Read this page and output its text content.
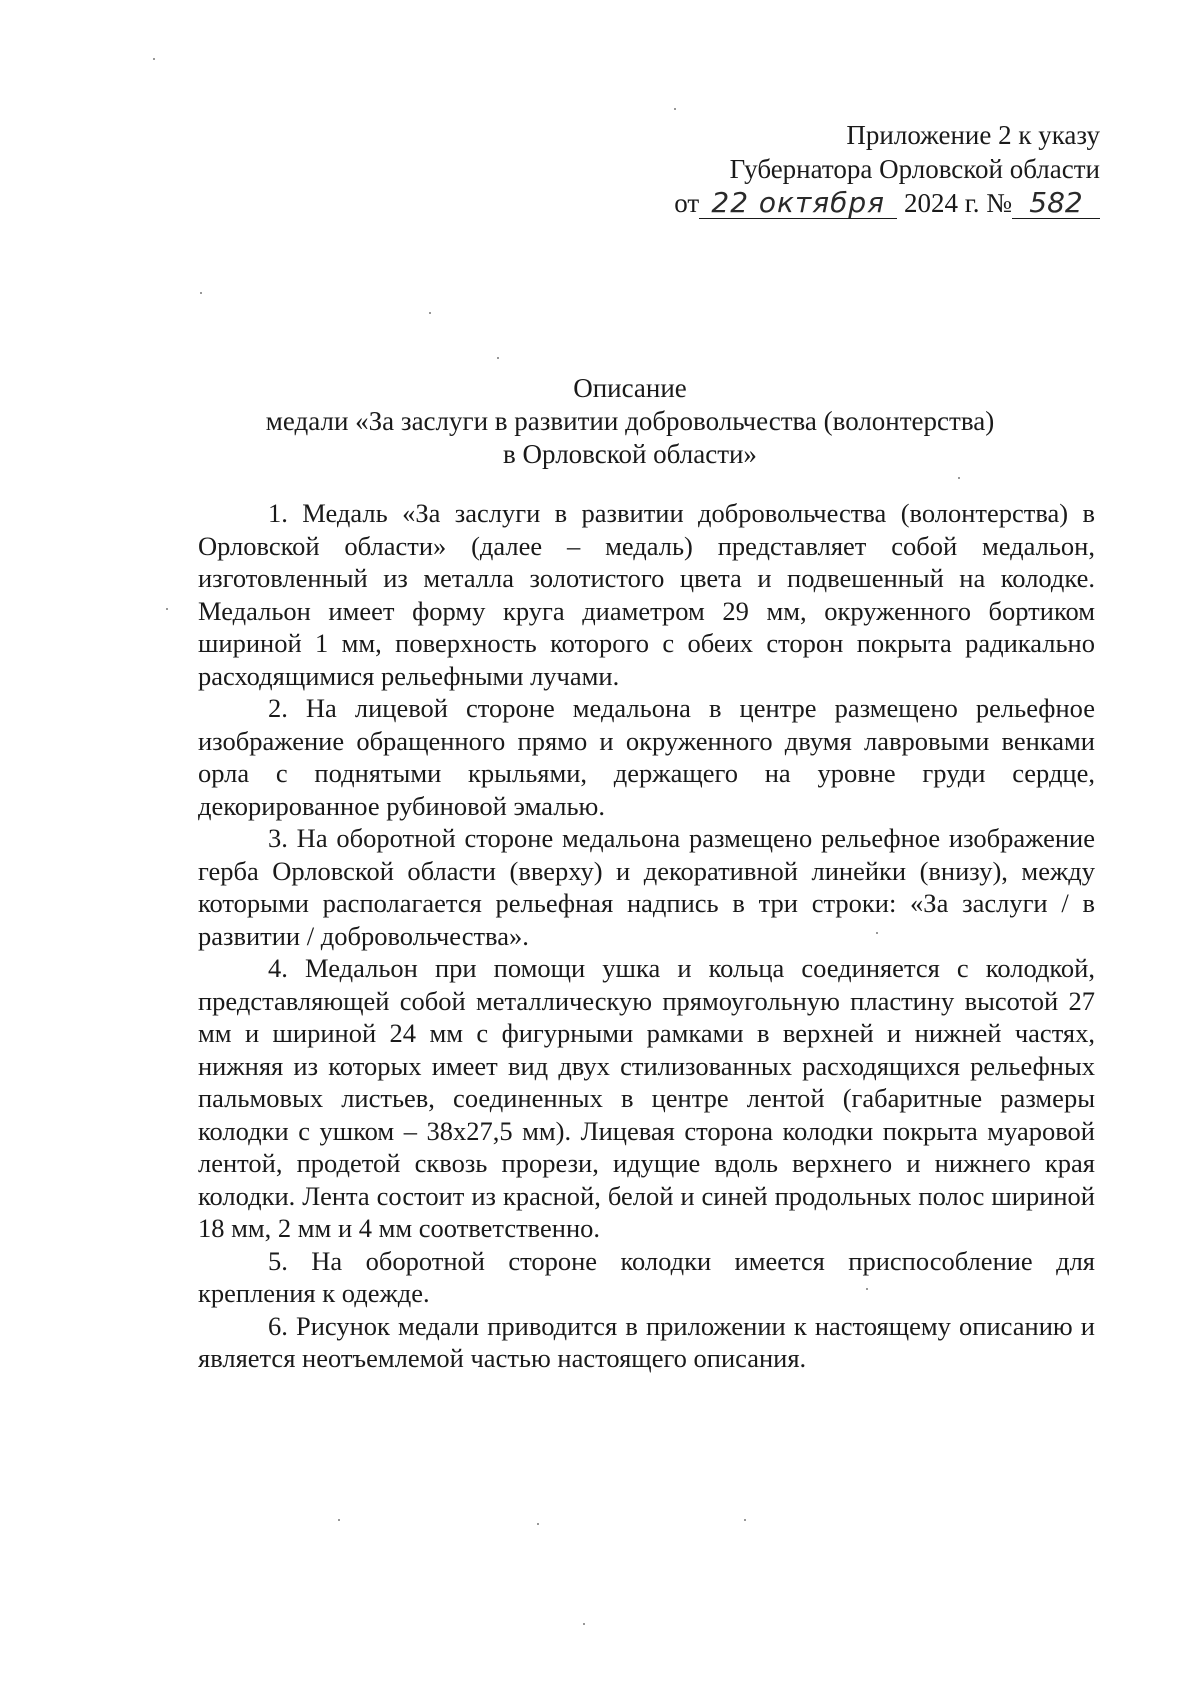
Приложение 2 к указу
Губернатора Орловской области
от 22 октября 2024 г. № 582
Описание
медали «За заслуги в развитии добровольчества (волонтерства)
в Орловской области»

1. Медаль «За заслуги в развитии добровольчества (волонтерства) в Орловской области» (далее – медаль) представляет собой медальон, изготовленный из металла золотистого цвета и подвешенный на колодке. Медальон имеет форму круга диаметром 29 мм, окруженного бортиком шириной 1 мм, поверхность которого с обеих сторон покрыта радикально расходящимися рельефными лучами.

2. На лицевой стороне медальона в центре размещено рельефное изображение обращенного прямо и окруженного двумя лавровыми венками орла с поднятыми крыльями, держащего на уровне груди сердце, декорированное рубиновой эмалью.

3. На оборотной стороне медальона размещено рельефное изображение герба Орловской области (вверху) и декоративной линейки (внизу), между которыми располагается рельефная надпись в три строки: «За заслуги / в развитии / добровольчества».

4. Медальон при помощи ушка и кольца соединяется с колодкой, представляющей собой металлическую прямоугольную пластину высотой 27 мм и шириной 24 мм с фигурными рамками в верхней и нижней частях, нижняя из которых имеет вид двух стилизованных расходящихся рельефных пальмовых листьев, соединенных в центре лентой (габаритные размеры колодки с ушком – 38x27,5 мм). Лицевая сторона колодки покрыта муаровой лентой, продетой сквозь прорези, идущие вдоль верхнего и нижнего края колодки. Лента состоит из красной, белой и синей продольных полос шириной 18 мм, 2 мм и 4 мм соответственно.

5. На оборотной стороне колодки имеется приспособление для крепления к одежде.

6. Рисунок медали приводится в приложении к настоящему описанию и является неотъемлемой частью настоящего описания.
